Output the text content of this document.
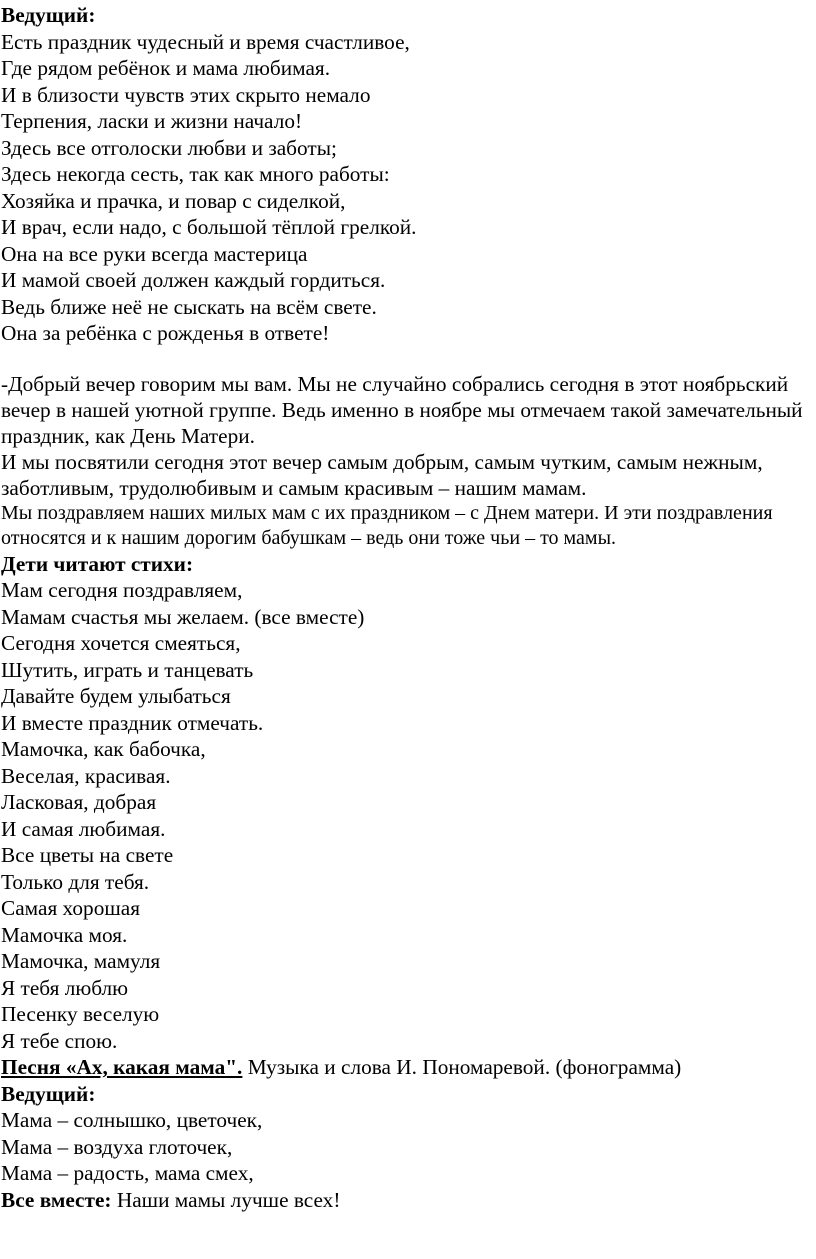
Ведущий:
Есть праздник чудесный и время счастливое,
Где рядом ребёнок и мама любимая.
И в близости чувств этих скрыто немало
Терпения, ласки и жизни начало!
Здесь все отголоски любви и заботы;
Здесь некогда сесть, так как много работы:
Хозяйка и прачка, и повар с сиделкой,
И врач, если надо, с большой тёплой грелкой.
Она на все руки всегда мастерица
И мамой своей должен каждый гордиться.
Ведь ближе неё не сыскать на всём свете.
Она за ребёнка с рожденья в ответе!

-Добрый вечер говорим мы вам. Мы не случайно собрались сегодня в этот ноябрьский вечер в нашей уютной группе. Ведь именно в ноябре мы отмечаем такой замечательный праздник, как День Матери.

И мы посвятили сегодня этот вечер самым добрым, самым чутким, самым нежным, заботливым, трудолюбивым и самым красивым – нашим мамам.

Мы поздравляем наших милых мам с их праздником – с Днем матери. И эти поздравления относятся и к нашим дорогим бабушкам – ведь они тоже чьи – то мамы.

Дети читают стихи:
Мам сегодня поздравляем,
Мамам счастья мы желаем. (все вместе)
Сегодня хочется смеяться,
Шутить, играть и танцевать
Давайте будем улыбаться
И вместе праздник отмечать.
Мамочка, как бабочка,
Веселая, красивая.
Ласковая, добрая
И самая любимая.
Все цветы на свете
Только для тебя.
Самая хорошая
Мамочка моя.
Мамочка, мамуля
Я тебя люблю
Песенку веселую
Я тебе спою.
Песня «Ах, какая мама". Музыка и слова И. Пономаревой. (фонограмма)
Ведущий:
Мама – солнышко, цветочек,
Мама – воздуха глоточек,
Мама – радость, мама смех,
Все вместе: Наши мамы лучше всех!
